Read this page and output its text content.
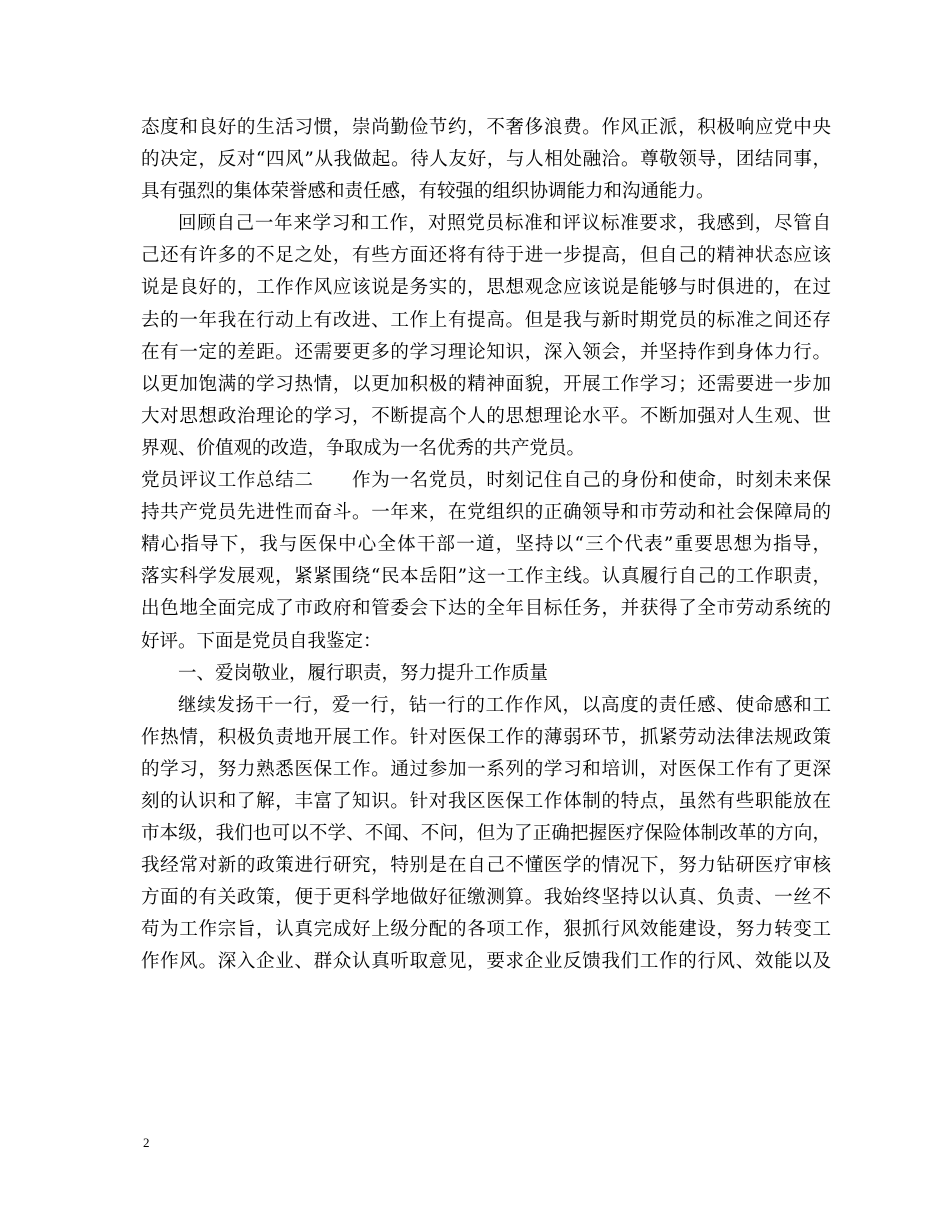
态度和良好的生活习惯，崇尚勤俭节约，不奢侈浪费。作风正派，积极响应党中央
的决定，反对“四风”从我做起。待人友好，与人相处融洽。尊敬领导，团结同事，
具有强烈的集体荣誉感和责任感，有较强的组织协调能力和沟通能力。
回顾自己一年来学习和工作，对照党员标准和评议标准要求，我感到，尽管自
己还有许多的不足之处，有些方面还将有待于进一步提高，但自己的精神状态应该
说是良好的，工作作风应该说是务实的，思想观念应该说是能够与时俱进的，在过
去的一年我在行动上有改进、工作上有提高。但是我与新时期党员的标准之间还存
在有一定的差距。还需要更多的学习理论知识，深入领会，并坚持作到身体力行。
以更加饱满的学习热情，以更加积极的精神面貌，开展工作学习；还需要进一步加
大对思想政治理论的学习，不断提高个人的思想理论水平。不断加强对人生观、世
界观、价值观的改造，争取成为一名优秀的共产党员。
党员评议工作总结二　　作为一名党员，时刻记住自己的身份和使命，时刻未来保
持共产党员先进性而奋斗。一年来，在党组织的正确领导和市劳动和社会保障局的
精心指导下，我与医保中心全体干部一道，坚持以“三个代表”重要思想为指导，
落实科学发展观，紧紧围绕“民本岳阳”这一工作主线。认真履行自己的工作职责，
出色地全面完成了市政府和管委会下达的全年目标任务，并获得了全市劳动系统的
好评。下面是党员自我鉴定：
一、爱岗敬业，履行职责，努力提升工作质量
继续发扬干一行，爱一行，钻一行的工作作风，以高度的责任感、使命感和工
作热情，积极负责地开展工作。针对医保工作的薄弱环节，抓紧劳动法律法规政策
的学习，努力熟悉医保工作。通过参加一系列的学习和培训，对医保工作有了更深
刻的认识和了解，丰富了知识。针对我区医保工作体制的特点，虽然有些职能放在
市本级，我们也可以不学、不闻、不问，但为了正确把握医疗保险体制改革的方向，
我经常对新的政策进行研究，特别是在自己不懂医学的情况下，努力钻研医疗审核
方面的有关政策，便于更科学地做好征缴测算。我始终坚持以认真、负责、一丝不
苟为工作宗旨，认真完成好上级分配的各项工作，狠抓行风效能建设，努力转变工
作作风。深入企业、群众认真听取意见，要求企业反馈我们工作的行风、效能以及
2
